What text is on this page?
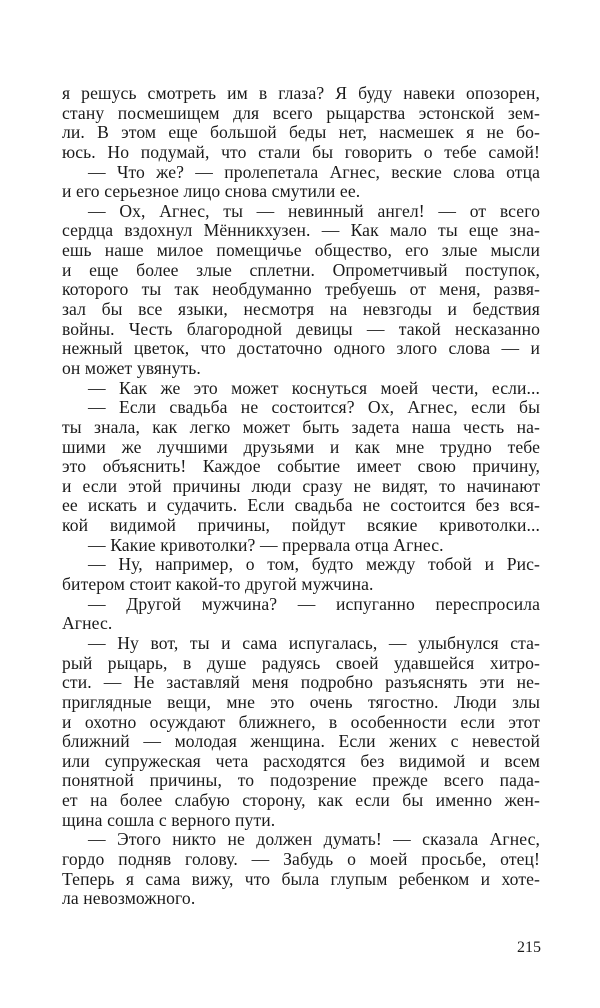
я решусь смотреть им в глаза? Я буду навеки опозорен,
стану посмешищем для всего рыцарства эстонской зем-
ли. В этом еще большой беды нет, насмешек я не бо-
юсь. Но подумай, что стали бы говорить о тебе самой!
— Что же? — пролепетала Агнес, веские слова отца
и его серьезное лицо снова смутили ее.
— Ох, Агнес, ты — невинный ангел! — от всего
сердца вздохнул Мённикхузен. — Как мало ты еще зна-
ешь наше милое помещичье общество, его злые мысли
и еще более злые сплетни. Опрометчивый поступок,
которого ты так необдуманно требуешь от меня, развя-
зал бы все языки, несмотря на невзгоды и бедствия
войны. Честь благородной девицы — такой несказанно
нежный цветок, что достаточно одного злого слова — и
он может увянуть.
— Как же это может коснуться моей чести, если...
— Если свадьба не состоится? Ох, Агнес, если бы
ты знала, как легко может быть задета наша честь на-
шими же лучшими друзьями и как мне трудно тебе
это объяснить! Каждое событие имеет свою причину,
и если этой причины люди сразу не видят, то начинают
ее искать и судачить. Если свадьба не состоится без вся-
кой видимой причины, пойдут всякие кривотолки...
— Какие кривотолки? — прервала отца Агнес.
— Ну, например, о том, будто между тобой и Рис-
битером стоит какой-то другой мужчина.
— Другой мужчина? — испуганно переспросила
Агнес.
— Ну вот, ты и сама испугалась, — улыбнулся ста-
рый рыцарь, в душе радуясь своей удавшейся хитро-
сти. — Не заставляй меня подробно разъяснять эти не-
приглядные вещи, мне это очень тягостно. Люди злы
и охотно осуждают ближнего, в особенности если этот
ближний — молодая женщина. Если жених с невестой
или супружеская чета расходятся без видимой и всем
понятной причины, то подозрение прежде всего пада-
ет на более слабую сторону, как если бы именно жен-
щина сошла с верного пути.
— Этого никто не должен думать! — сказала Агнес,
гордо подняв голову. — Забудь о моей просьбе, отец!
Теперь я сама вижу, что была глупым ребенком и хоте-
ла невозможного.
215
